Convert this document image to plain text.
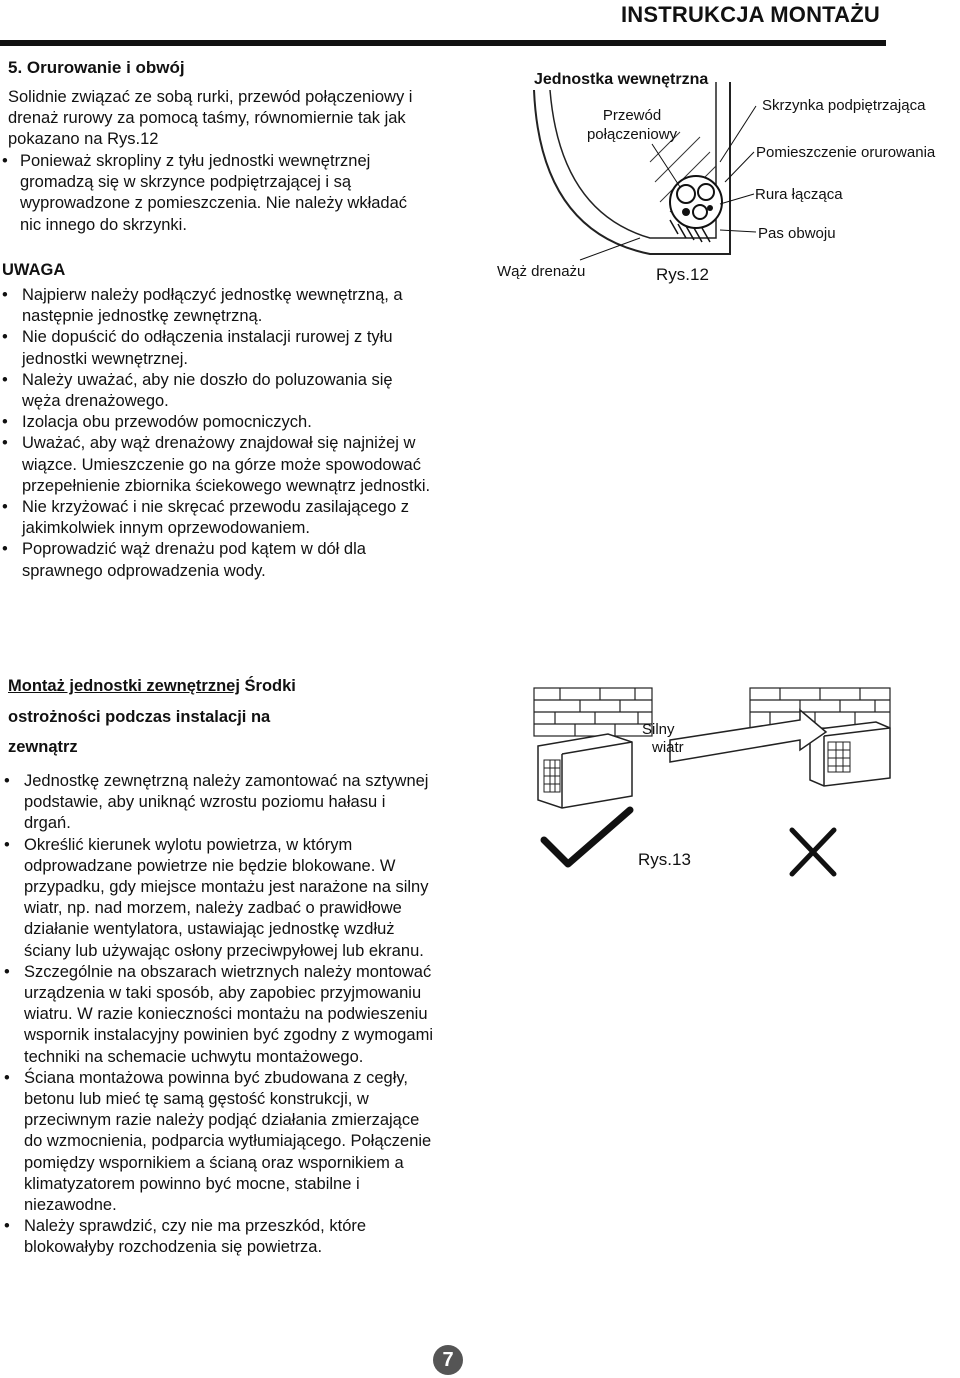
INSTRUKCJA MONTAŻU
5. Orurowanie i obwój
Solidnie związać ze sobą rurki, przewód połączeniowy i
drenaż rurowy za pomocą taśmy, równomiernie tak jak
pokazano na Rys.12
• Ponieważ skropliny z tyłu jednostki wewnętrznej
gromadzą się w skrzynce podpiętrzającej i są
wyprowadzone z pomieszczenia. Nie należy wkładać
nic innego do skrzynki.
UWAGA
• Najpierw należy podłączyć jednostkę wewnętrzną, a
następnie jednostkę zewnętrzną.
• Nie dopuścić do odłączenia instalacji rurowej z tyłu
jednostki wewnętrznej.
• Należy uważać, aby nie doszło do poluzowania się
węża drenażowego.
• Izolacja obu przewodów pomocniczych.
• Uważać, aby wąż drenażowy znajdował się najniżej w
wiązce. Umieszczenie go na górze może spowodować
przepełnienie zbiornika ściekowego wewnątrz jednostki.
• Nie krzyżować i nie skręcać przewodu zasilającego z
jakimkolwiek innym oprzewodowaniem.
• Poprowadzić wąż drenażu pod kątem w dół dla
sprawnego odprowadzenia wody.
Jednostka wewnętrzna
Przewód
połączeniowy
Skrzynka podpiętrzająca
Pomieszczenie orurowania
Rura łącząca
Pas obwoju
Wąż drenażu	Rys.12
Montaż jednostki zewnętrznej Środki
ostrożności podczas instalacji na
zewnątrz
• Jednostkę zewnętrzną należy zamontować na sztywnej
podstawie, aby uniknąć wzrostu poziomu hałasu i
drgań.
• Określić kierunek wylotu powietrza, w którym
odprowadzane powietrze nie będzie blokowane. W
przypadku, gdy miejsce montażu jest narażone na silny
wiatr, np. nad morzem, należy zadbać o prawidłowe
działanie wentylatora, ustawiając jednostkę wzdłuż
ściany lub używając osłony przeciwpyłowej lub ekranu.
• Szczególnie na obszarach wietrznych należy montować
urządzenia w taki sposób, aby zapobiec przyjmowaniu
wiatru. W razie konieczności montażu na podwieszeniu
wspornik instalacyjny powinien być zgodny z wymogami
techniki na schemacie uchwytu montażowego.
• Ściana montażowa powinna być zbudowana z cegły,
betonu lub mieć tę samą gęstość konstrukcji, w
przeciwnym razie należy podjąć działania zmierzające
do wzmocnienia, podparcia wytłumiającego. Połączenie
pomiędzy wspornikiem a ścianą oraz wspornikiem a
klimatyzatorem powinno być mocne, stabilne i
niezawodne.
• Należy sprawdzić, czy nie ma przeszkód, które
blokowałyby rozchodzenia się powietrza.
Silny
wiatr
Rys.13
7
